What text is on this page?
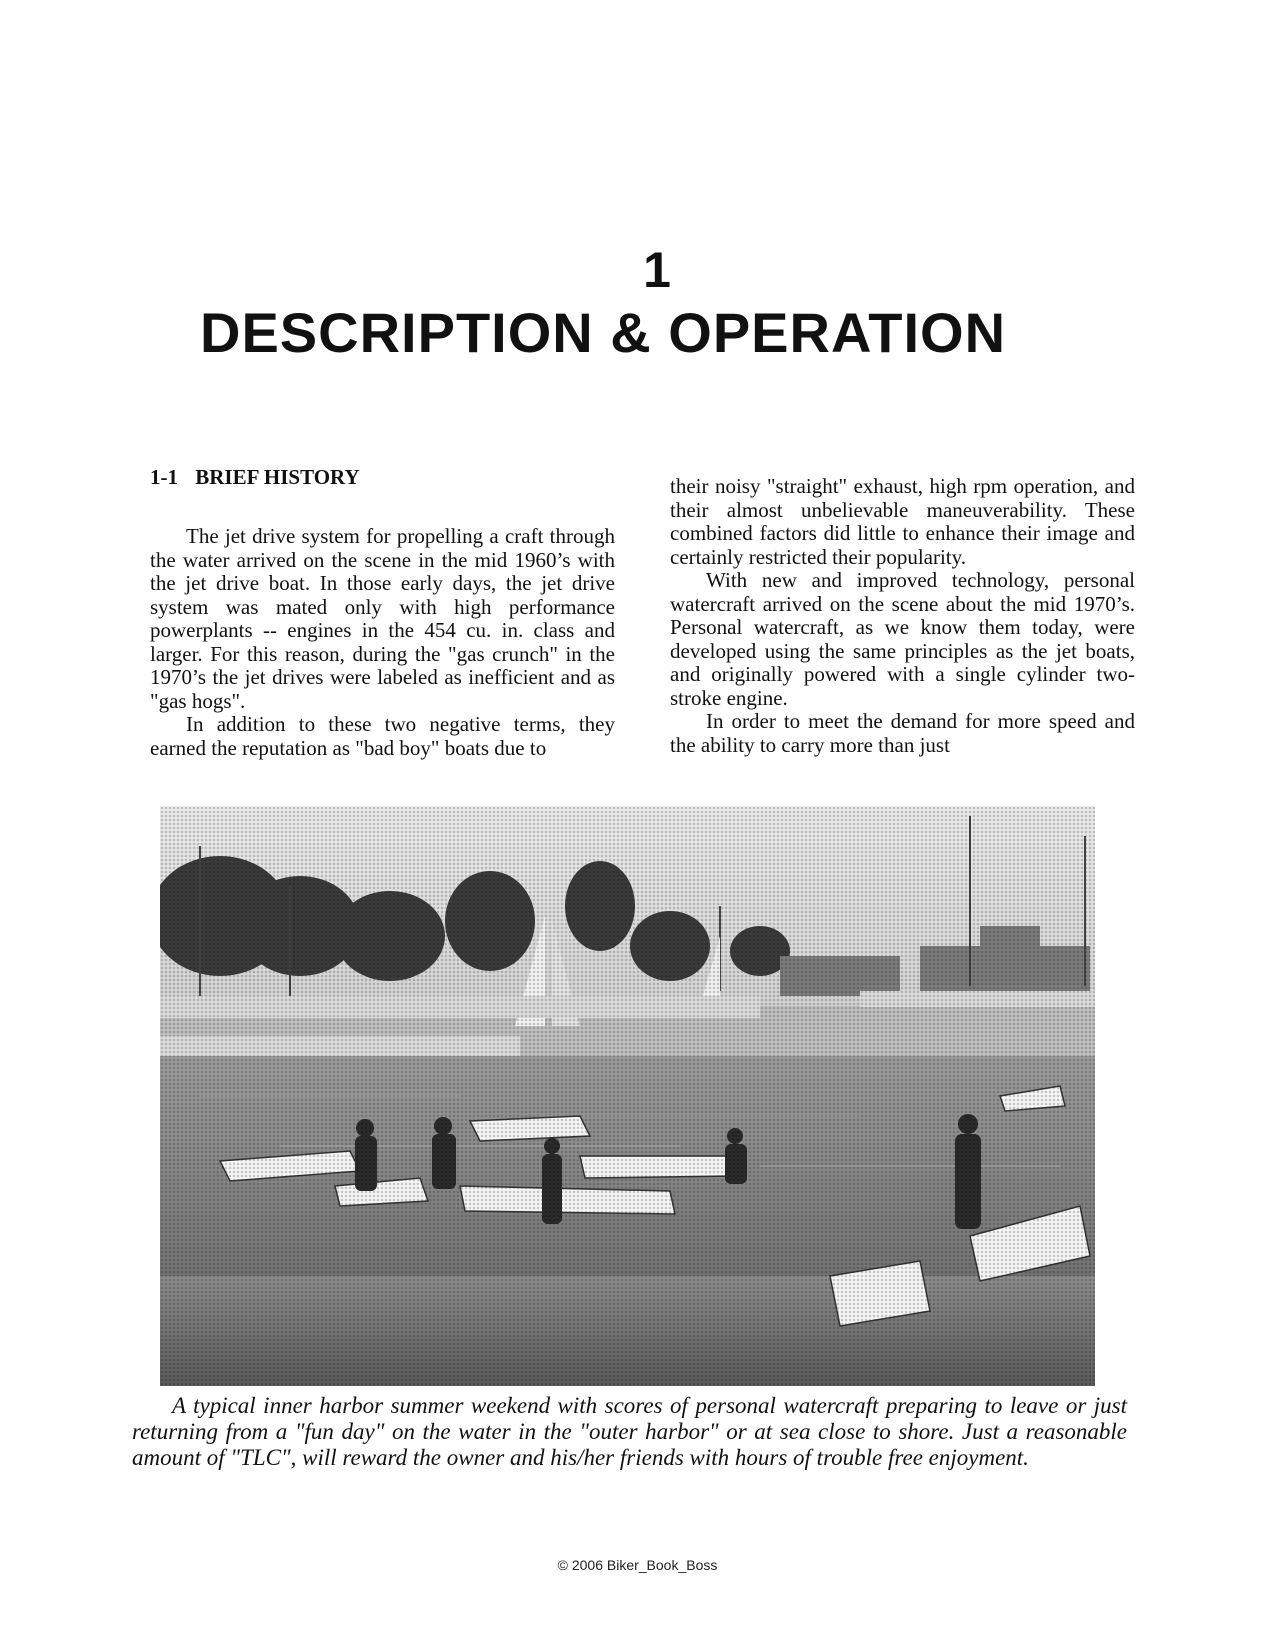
1
DESCRIPTION & OPERATION
1-1 BRIEF HISTORY

The jet drive system for propelling a craft through the water arrived on the scene in the mid 1960’s with the jet drive boat. In those early days, the jet drive system was mated only with high performance powerplants -- engines in the 454 cu. in. class and larger. For this reason, during the "gas crunch" in the 1970’s the jet drives were labeled as inefficient and as "gas hogs".

In addition to these two negative terms, they earned the reputation as "bad boy" boats due to

their noisy "straight" exhaust, high rpm operation, and their almost unbelievable maneuverability. These combined factors did little to enhance their image and certainly restricted their popularity.

With new and improved technology, personal watercraft arrived on the scene about the mid 1970’s. Personal watercraft, as we know them today, were developed using the same principles as the jet boats, and originally powered with a single cylinder two-stroke engine.

In order to meet the demand for more speed and the ability to carry more than just

A typical inner harbor summer weekend with scores of personal watercraft preparing to leave or just returning from a "fun day" on the water in the "outer harbor" or at sea close to shore. Just a reasonable amount of "TLC", will reward the owner and his/her friends with hours of trouble free enjoyment.
© 2006 Biker_Book_Boss
